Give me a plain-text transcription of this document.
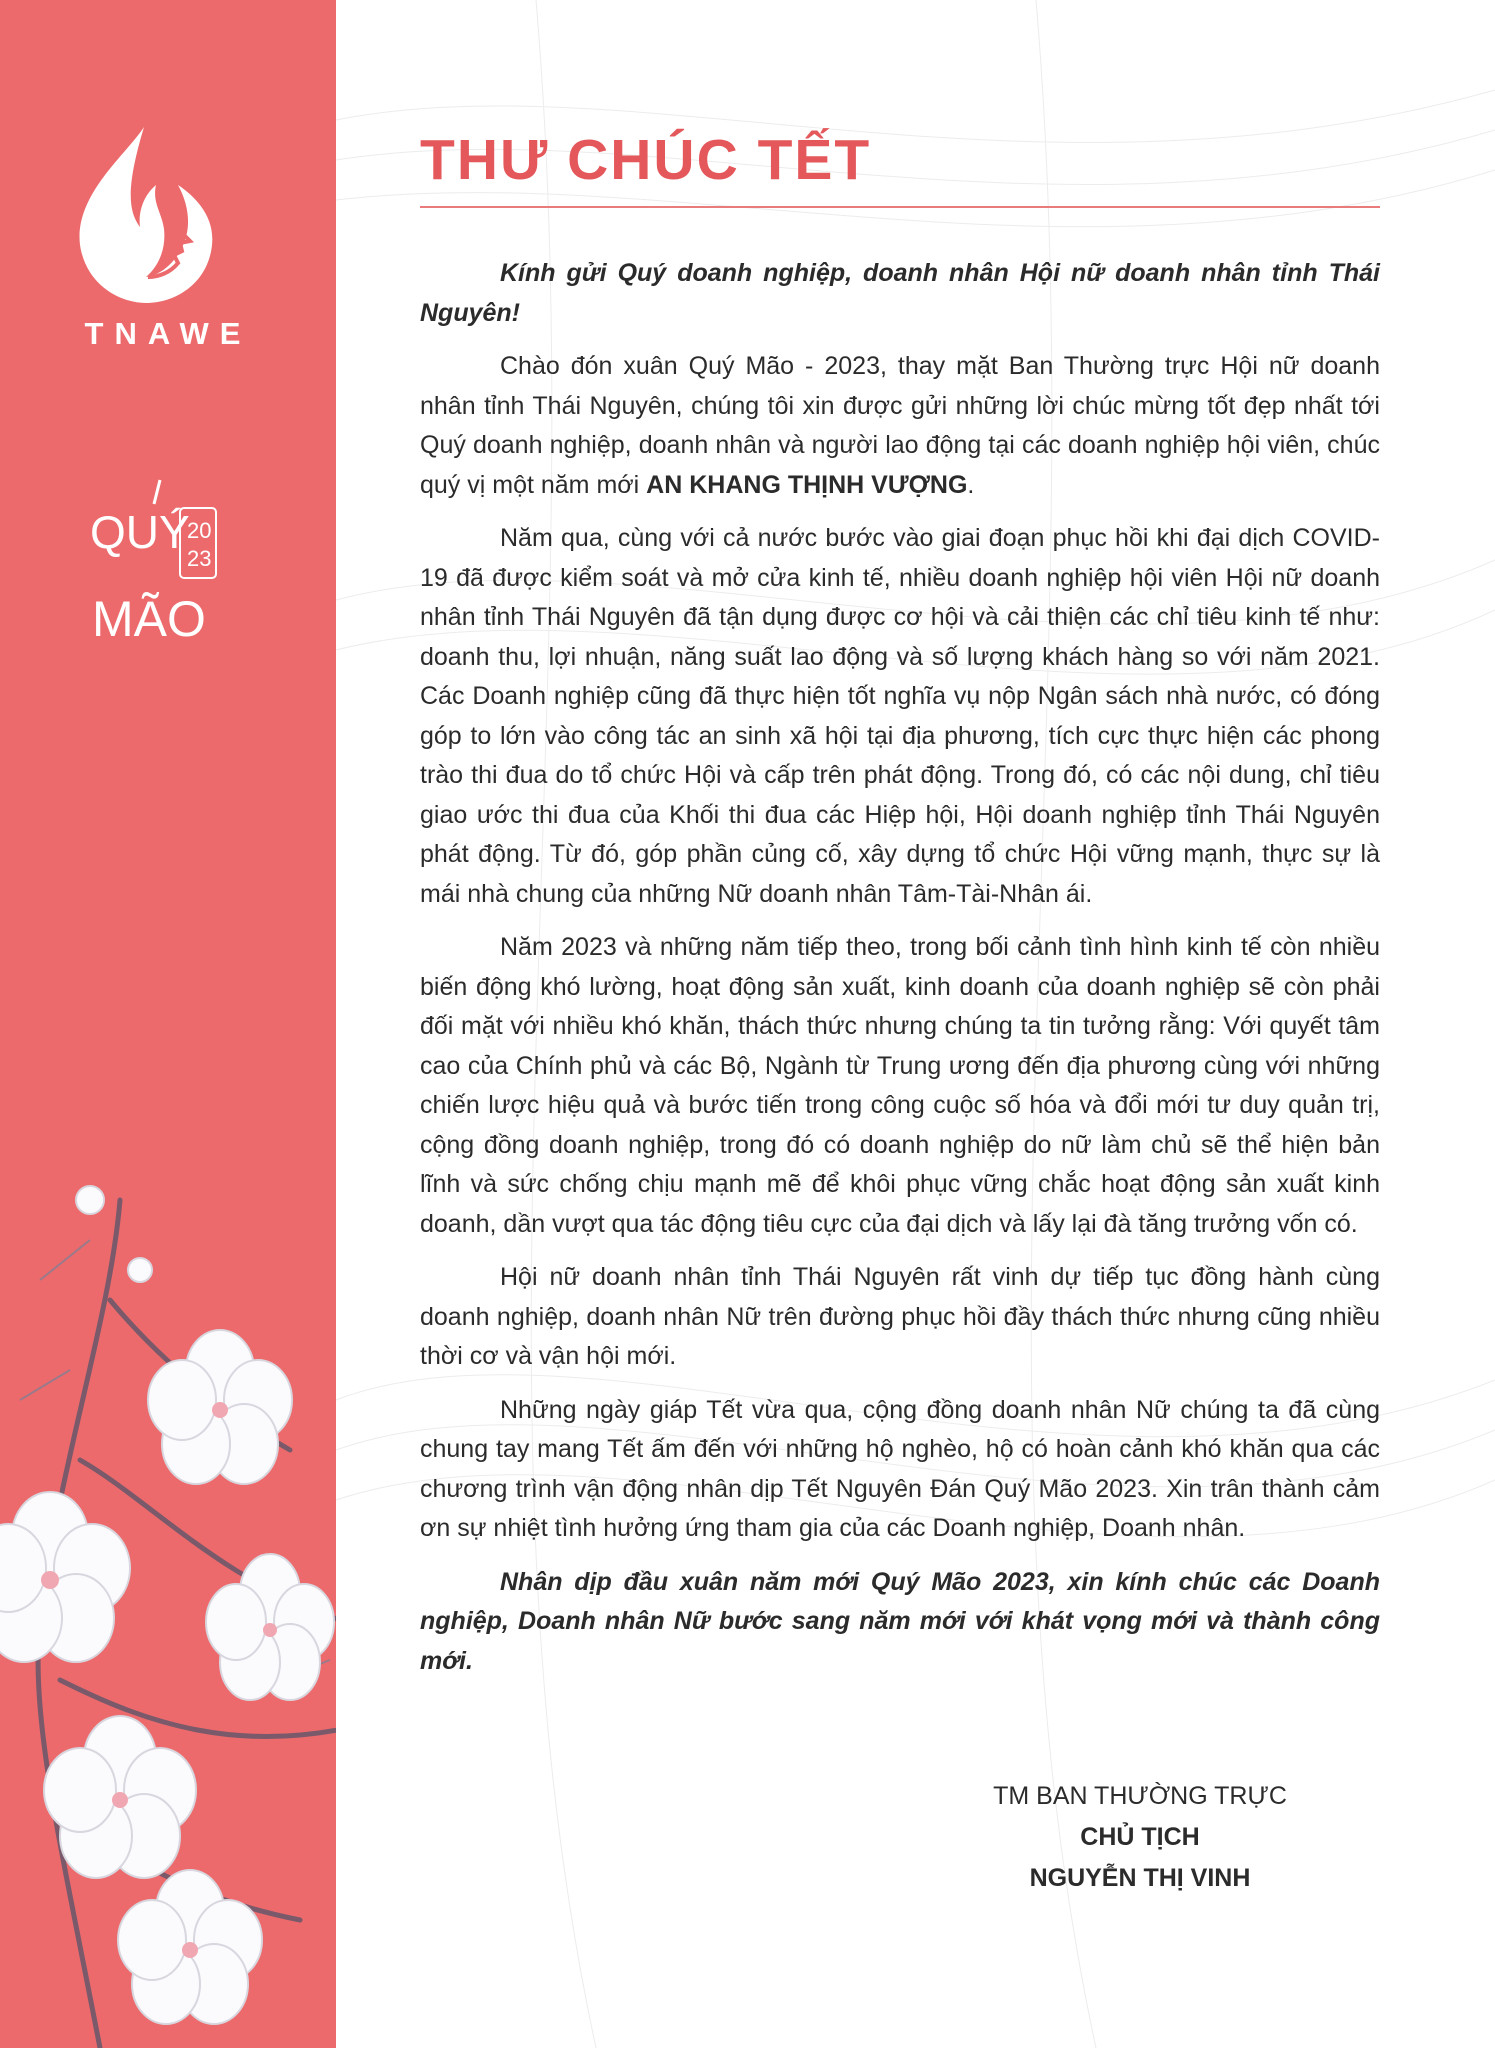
TNAWE
QUÝ
20
23
MÃO
THƯ CHÚC TẾT

Kính gửi Quý doanh nghiệp, doanh nhân Hội nữ doanh nhân tỉnh Thái Nguyên!

Chào đón xuân Quý Mão - 2023, thay mặt Ban Thường trực Hội nữ doanh nhân tỉnh Thái Nguyên, chúng tôi xin được gửi những lời chúc mừng tốt đẹp nhất tới Quý doanh nghiệp, doanh nhân và người lao động tại các doanh nghiệp hội viên, chúc quý vị một năm mới AN KHANG THỊNH VƯỢNG.

Năm qua, cùng với cả nước bước vào giai đoạn phục hồi khi đại dịch COVID-19 đã được kiểm soát và mở cửa kinh tế, nhiều doanh nghiệp hội viên Hội nữ doanh nhân tỉnh Thái Nguyên đã tận dụng được cơ hội và cải thiện các chỉ tiêu kinh tế như: doanh thu, lợi nhuận, năng suất lao động và số lượng khách hàng so với năm 2021. Các Doanh nghiệp cũng đã thực hiện tốt nghĩa vụ nộp Ngân sách nhà nước, có đóng góp to lớn vào công tác an sinh xã hội tại địa phương, tích cực thực hiện các phong trào thi đua do tổ chức Hội và cấp trên phát động. Trong đó, có các nội dung, chỉ tiêu giao ước thi đua của Khối thi đua các Hiệp hội, Hội doanh nghiệp tỉnh Thái Nguyên phát động. Từ đó, góp phần củng cố, xây dựng tổ chức Hội vững mạnh, thực sự là mái nhà chung của những Nữ doanh nhân Tâm-Tài-Nhân ái.

Năm 2023 và những năm tiếp theo, trong bối cảnh tình hình kinh tế còn nhiều biến động khó lường, hoạt động sản xuất, kinh doanh của doanh nghiệp sẽ còn phải đối mặt với nhiều khó khăn, thách thức nhưng chúng ta tin tưởng rằng: Với quyết tâm cao của Chính phủ và các Bộ, Ngành từ Trung ương đến địa phương cùng với những chiến lược hiệu quả và bước tiến trong công cuộc số hóa và đổi mới tư duy quản trị, cộng đồng doanh nghiệp, trong đó có doanh nghiệp do nữ làm chủ sẽ thể hiện bản lĩnh và sức chống chịu mạnh mẽ để khôi phục vững chắc hoạt động sản xuất kinh doanh, dần vượt qua tác động tiêu cực của đại dịch và lấy lại đà tăng trưởng vốn có.

Hội nữ doanh nhân tỉnh Thái Nguyên rất vinh dự tiếp tục đồng hành cùng doanh nghiệp, doanh nhân Nữ trên đường phục hồi đầy thách thức nhưng cũng nhiều thời cơ và vận hội mới.

Những ngày giáp Tết vừa qua, cộng đồng doanh nhân Nữ chúng ta đã cùng chung tay mang Tết ấm đến với những hộ nghèo, hộ có hoàn cảnh khó khăn qua các chương trình vận động nhân dịp Tết Nguyên Đán Quý Mão 2023. Xin trân thành cảm ơn sự nhiệt tình hưởng ứng tham gia của các Doanh nghiệp, Doanh nhân.

Nhân dịp đầu xuân năm mới Quý Mão 2023, xin kính chúc các Doanh nghiệp, Doanh nhân Nữ bước sang năm mới với khát vọng mới và thành công mới.

TM BAN THƯỜNG TRỰC
CHỦ TỊCH
NGUYỄN THỊ VINH
